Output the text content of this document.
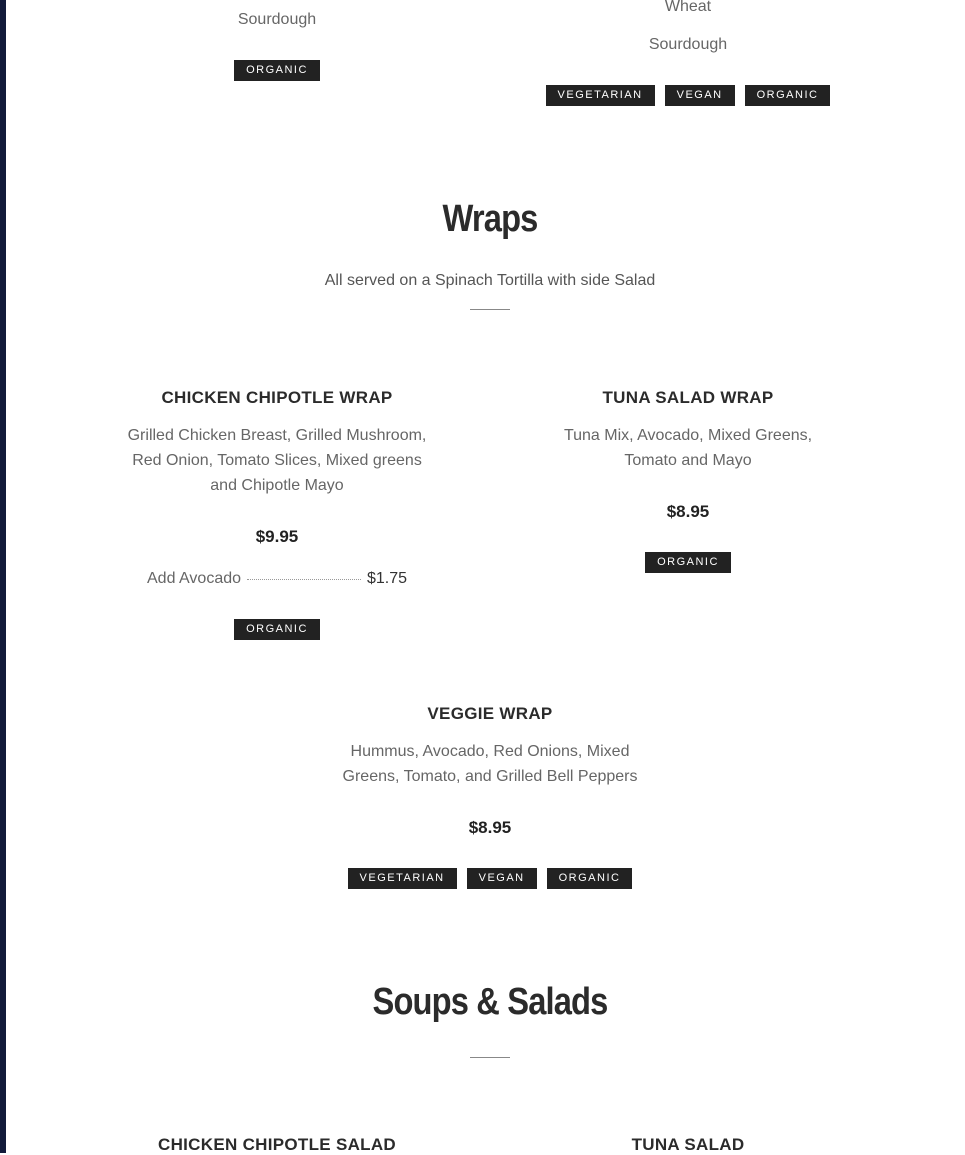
Sourdough
ORGANIC
Wheat
Sourdough
VEGETARIAN	VEGAN	ORGANIC
Wraps
All served on a Spinach Tortilla with side Salad
CHICKEN CHIPOTLE WRAP
Grilled Chicken Breast, Grilled Mushroom, Red Onion, Tomato Slices, Mixed greens and Chipotle Mayo
$9.95
Add Avocado	$1.75
ORGANIC
TUNA SALAD WRAP
Tuna Mix, Avocado, Mixed Greens, Tomato and Mayo
$8.95
ORGANIC
VEGGIE WRAP
Hummus, Avocado, Red Onions, Mixed Greens, Tomato, and Grilled Bell Peppers
$8.95
VEGETARIAN	VEGAN	ORGANIC
Soups & Salads
CHICKEN CHIPOTLE SALAD	TUNA SALAD
